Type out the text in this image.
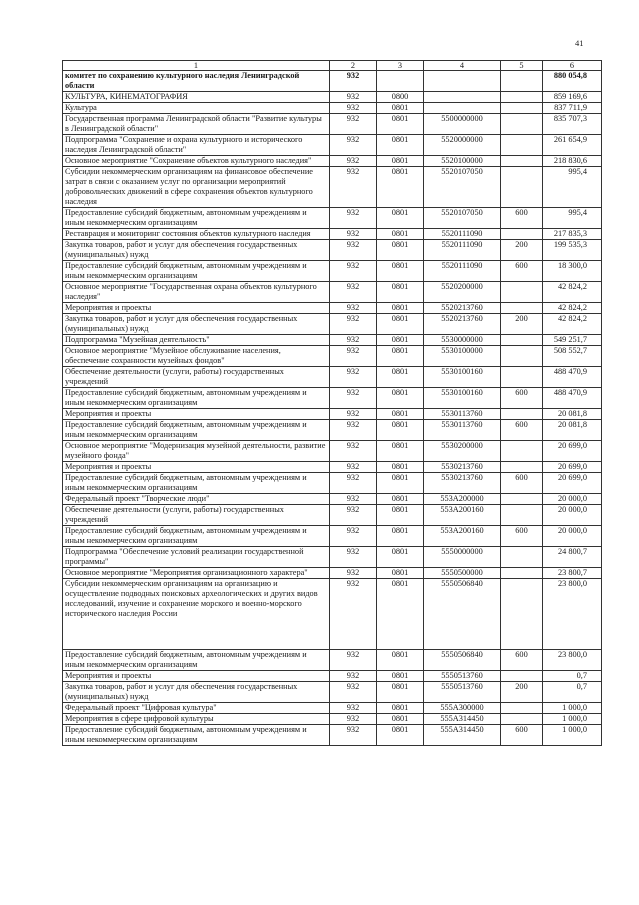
41
1	2	3	4	5	6
комитет по сохранению культурного наследия Ленинградской области	932				880 054,8
КУЛЬТУРА, КИНЕМАТОГРАФИЯ	932	0800			859 169,6
Культура	932	0801			837 711,9
Государственная программа Ленинградской области "Развитие культуры в Ленинградской области"	932	0801	5500000000		835 707,3
Подпрограмма "Сохранение и охрана культурного и исторического наследия Ленинградской области"	932	0801	5520000000		261 654,9
Основное мероприятие "Сохранение объектов культурного наследия"	932	0801	5520100000		218 830,6
Субсидии некоммерческим организациям на финансовое обеспечение затрат в связи с оказанием услуг по организации мероприятий добровольческих движений в сфере сохранения объектов культурного наследия	932	0801	5520107050		995,4
Предоставление субсидий бюджетным, автономным учреждениям и иным некоммерческим организациям	932	0801	5520107050	600	995,4
Реставрация и мониторинг состояния объектов культурного наследия	932	0801	5520111090		217 835,3
Закупка товаров, работ и услуг для обеспечения государственных (муниципальных) нужд	932	0801	5520111090	200	199 535,3
Предоставление субсидий бюджетным, автономным учреждениям и иным некоммерческим организациям	932	0801	5520111090	600	18 300,0
Основное мероприятие "Государственная охрана объектов культурного наследия"	932	0801	5520200000		42 824,2
Мероприятия и проекты	932	0801	5520213760		42 824,2
Закупка товаров, работ и услуг для обеспечения государственных (муниципальных) нужд	932	0801	5520213760	200	42 824,2
Подпрограмма "Музейная деятельность"	932	0801	5530000000		549 251,7
Основное мероприятие "Музейное обслуживание населения, обеспечение сохранности музейных фондов"	932	0801	5530100000		508 552,7
Обеспечение деятельности (услуги, работы) государственных учреждений	932	0801	5530100160		488 470,9
Предоставление субсидий бюджетным, автономным учреждениям и иным некоммерческим организациям	932	0801	5530100160	600	488 470,9
Мероприятия и проекты	932	0801	5530113760		20 081,8
Предоставление субсидий бюджетным, автономным учреждениям и иным некоммерческим организациям	932	0801	5530113760	600	20 081,8
Основное мероприятие "Модернизация музейной деятельности, развитие музейного фонда"	932	0801	5530200000		20 699,0
Мероприятия и проекты	932	0801	5530213760		20 699,0
Предоставление субсидий бюджетным, автономным учреждениям и иным некоммерческим организациям	932	0801	5530213760	600	20 699,0
Федеральный проект "Творческие люди"	932	0801	553A200000		20 000,0
Обеспечение деятельности (услуги, работы) государственных учреждений	932	0801	553A200160		20 000,0
Предоставление субсидий бюджетным, автономным учреждениям и иным некоммерческим организациям	932	0801	553A200160	600	20 000,0
Подпрограмма "Обеспечение условий реализации государственной программы"	932	0801	5550000000		24 800,7
Основное мероприятие "Мероприятия организационного характера"	932	0801	5550500000		23 800,7
Субсидии некоммерческим организациям на организацию и осуществление подводных поисковых археологических и других видов исследований, изучение и сохранение морского и военно-морского исторического наследия России	932	0801	5550506840		23 800,0
Предоставление субсидий бюджетным, автономным учреждениям и иным некоммерческим организациям	932	0801	5550506840	600	23 800,0
Мероприятия и проекты	932	0801	5550513760		0,7
Закупка товаров, работ и услуг для обеспечения государственных (муниципальных) нужд	932	0801	5550513760	200	0,7
Федеральный проект "Цифровая культура"	932	0801	555A300000		1 000,0
Мероприятия в сфере цифровой культуры	932	0801	555A314450		1 000,0
Предоставление субсидий бюджетным, автономным учреждениям и иным некоммерческим организациям	932	0801	555A314450	600	1 000,0
